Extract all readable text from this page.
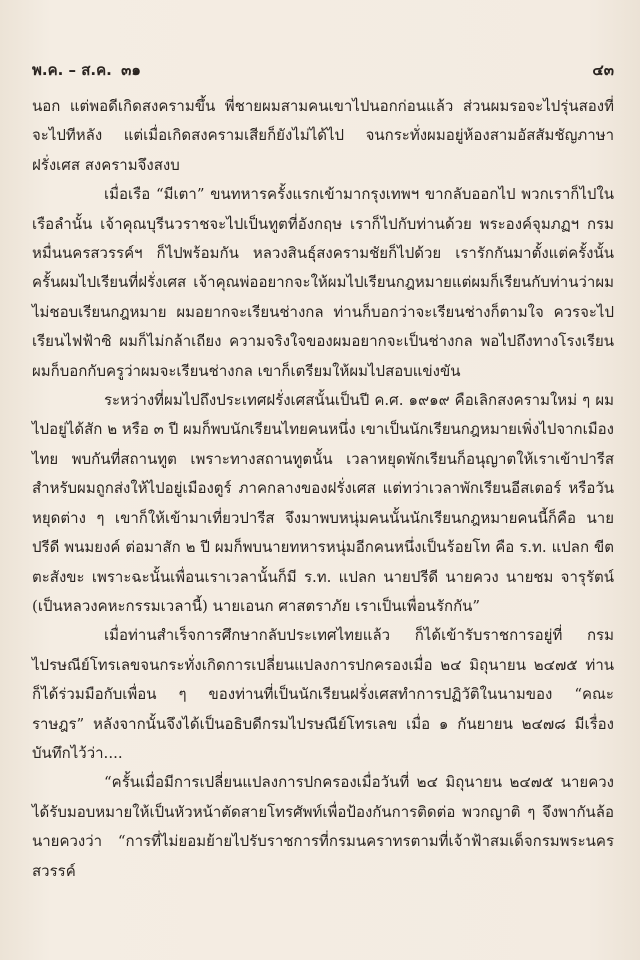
พ.ค. – ส.ค. ๓๑	๔๓

นอก แต่พอดีเกิดสงครามขึ้น พี่ชายผมสามคนเขาไปนอกก่อนแล้ว ส่วนผมรอจะไปรุ่นสองที่จะไปทีหลัง แต่เมื่อเกิดสงครามเสียก็ยังไม่ได้ไป จนกระทั่งผมอยู่ห้องสามอัสสัมชัญภาษาฝรั่งเศส สงครามจึงสงบ

เมื่อเรือ “มีเตา” ขนทหารครั้งแรกเข้ามากรุงเทพฯ ขากลับออกไป พวกเราก็ไปในเรือลำนั้น เจ้าคุณบุรีนวราชจะไปเป็นทูตที่อังกฤษ เราก็ไปกับท่านด้วย พระองค์จุมภฏฯ กรมหมื่นนครสวรรค์ฯ ก็ไปพร้อมกัน หลวงสินธุ์สงครามชัยก็ไปด้วย เรารักกันมาตั้งแต่ครั้งนั้น ครั้นผมไปเรียนที่ฝรั่งเศส เจ้าคุณพ่ออยากจะให้ผมไปเรียนกฎหมายแต่ผมก็เรียนกับท่านว่าผมไม่ชอบเรียนกฎหมาย ผมอยากจะเรียนช่างกล ท่านก็บอกว่าจะเรียนช่างก็ตามใจ ควรจะไปเรียนไฟฟ้าซิ ผมก็ไม่กล้าเถียง ความจริงใจของผมอยากจะเป็นช่างกล พอไปถึงทางโรงเรียนผมก็บอกกับครูว่าผมจะเรียนช่างกล เขาก็เตรียมให้ผมไปสอบแข่งขัน

ระหว่างที่ผมไปถึงประเทศฝรั่งเศสนั้นเป็นปี ค.ศ. ๑๙๑๙ คือเลิกสงครามใหม่ ๆ ผมไปอยู่ได้สัก ๒ หรือ ๓ ปี ผมก็พบนักเรียนไทยคนหนึ่ง เขาเป็นนักเรียนกฎหมายเพิ่งไปจากเมืองไทย พบกันที่สถานทูต เพราะทางสถานทูตนั้น เวลาหยุดพักเรียนก็อนุญาตให้เราเข้าปารีส สำหรับผมถูกส่งให้ไปอยู่เมืองตูร์ ภาคกลางของฝรั่งเศส แต่ทว่าเวลาพักเรียนอีสเตอร์ หรือวันหยุดต่าง ๆ เขาก็ให้เข้ามาเที่ยวปารีส จึงมาพบหนุ่มคนนั้นนักเรียนกฎหมายคนนี้ก็คือ นายปรีดี พนมยงค์ ต่อมาสัก ๒ ปี ผมก็พบนายทหารหนุ่มอีกคนหนึ่งเป็นร้อยโท คือ ร.ท. แปลก ขีตตะสังขะ เพราะฉะนั้นเพื่อนเราเวลานั้นก็มี ร.ท. แปลก นายปรีดี นายควง นายชม จารุรัตน์ (เป็นหลวงคหะกรรมเวลานี้) นายเอนก ศาสตราภัย เราเป็นเพื่อนรักกัน”

เมื่อท่านสำเร็จการศึกษากลับประเทศไทยแล้ว ก็ได้เข้ารับราชการอยู่ที่ กรมไปรษณีย์โทรเลขจนกระทั่งเกิดการเปลี่ยนแปลงการปกครองเมื่อ ๒๔ มิถุนายน ๒๔๗๕ ท่านก็ได้ร่วมมือกับเพื่อน ๆ ของท่านที่เป็นนักเรียนฝรั่งเศสทำการปฏิวัติในนามของ “คณะราษฎร” หลังจากนั้นจึงได้เป็นอธิบดีกรมไปรษณีย์โทรเลข เมื่อ ๑ กันยายน ๒๔๗๘ มีเรื่องบันทึกไว้ว่า....

“ครั้นเมื่อมีการเปลี่ยนแปลงการปกครองเมื่อวันที่ ๒๔ มิถุนายน ๒๔๗๕ นายควงได้รับมอบหมายให้เป็นหัวหน้าตัดสายโทรศัพท์เพื่อป้องกันการติดต่อ พวกญาติ ๆ จึงพากันล้อนายควงว่า “การที่ไม่ยอมย้ายไปรับราชการที่กรมนคราทรตามที่เจ้าฟ้าสมเด็จกรมพระนครสวรรค์
